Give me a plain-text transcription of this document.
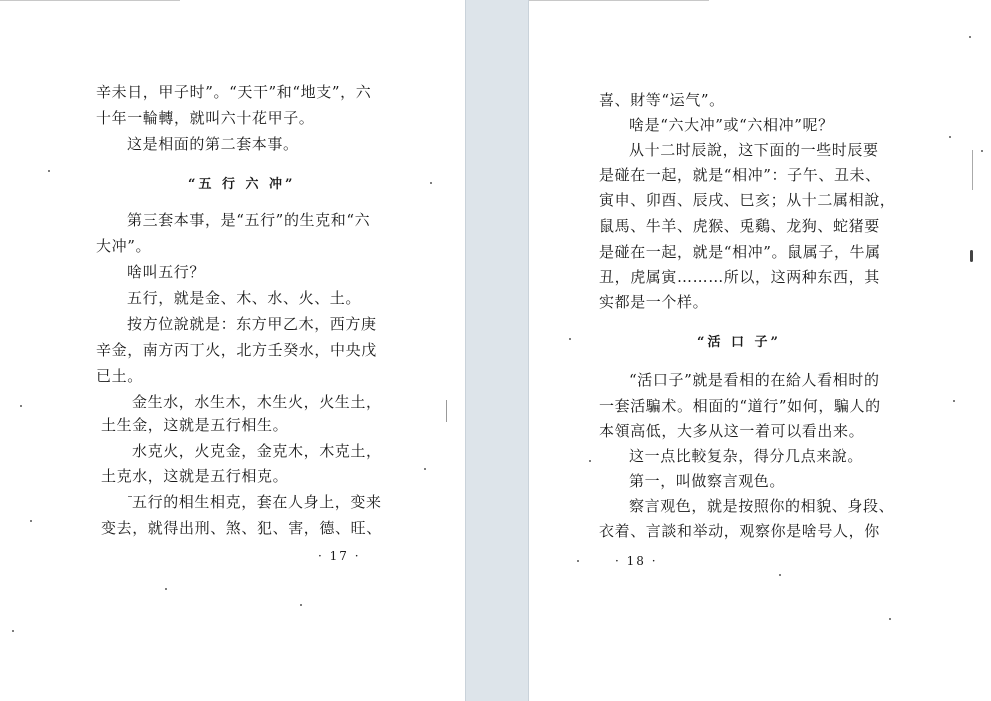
辛未日，甲子时”。“天干”和“地支”，六
十年一輪轉，就叫六十花甲子。
这是相面的第二套本事。
“五 行 六 冲”
第三套本事，是“五行”的生克和“六
大冲”。
啥叫五行？
五行，就是金、木、水、火、土。
按方位說就是：东方甲乙木，西方庚
辛金，南方丙丁火，北方壬癸水，中央戊
已土。
金生水，水生木，木生火，火生土，
土生金，这就是五行相生。
水克火，火克金，金克木，木克土，
土克水，这就是五行相克。
五行的相生相克，套在人身上，变来
变去，就得出刑、煞、犯、害，德、旺、
· 17 ·
喜、財等“运气”。
啥是“六大冲”或“六相冲”呢？
从十二时辰說，这下面的一些时辰要
是碰在一起，就是“相冲”：子午、丑未、
寅申、卯酉、辰戌、巳亥；从十二属相說，
鼠馬、牛羊、虎猴、兎鷄、龙狗、蛇猪要
是碰在一起，就是“相冲”。鼠属子，牛属
丑，虎属寅………所以，这两种东西，其
实都是一个样。
“活 口 子”
“活口子”就是看相的在給人看相时的
一套活騙术。相面的“道行”如何，騙人的
本領高低，大多从这一着可以看出来。
这一点比較复杂，得分几点来說。
第一，叫做察言观色。
察言观色，就是按照你的相貌、身段、
衣着、言談和举动，观察你是啥号人，你
· 18 ·
